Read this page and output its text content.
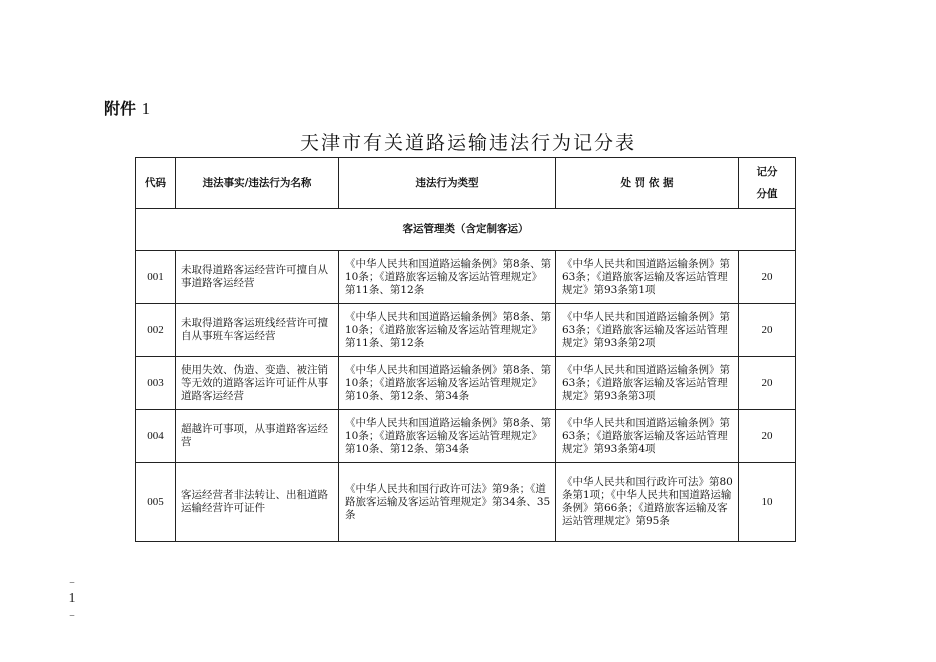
附件 1
天津市有关道路运输违法行为记分表
代码	违法事实/违法行为名称	违法行为类型	处 罚 依 据	记分
分值

客运管理类（含定制客运）				
001	未取得道路客运经营许可擅自从事道路客运经营	《中华人民共和国道路运输条例》第8条、第10条；《道路旅客运输及客运站管理规定》第11条、第12条	《中华人民共和国道路运输条例》第63条；《道路旅客运输及客运站管理规定》第93条第1项	20
002	未取得道路客运班线经营许可擅自从事班车客运经营	《中华人民共和国道路运输条例》第8条、第10条；《道路旅客运输及客运站管理规定》第11条、第12条	《中华人民共和国道路运输条例》第63条；《道路旅客运输及客运站管理规定》第93条第2项	20
003	使用失效、伪造、变造、被注销等无效的道路客运许可证件从事道路客运经营	《中华人民共和国道路运输条例》第8条、第10条；《道路旅客运输及客运站管理规定》第10条、第12条、第34条	《中华人民共和国道路运输条例》第63条；《道路旅客运输及客运站管理规定》第93条第3项	20
004	超越许可事项，从事道路客运经营	《中华人民共和国道路运输条例》第8条、第10条；《道路旅客运输及客运站管理规定》第10条、第12条、第34条	《中华人民共和国道路运输条例》第63条；《道路旅客运输及客运站管理规定》第93条第4项	20
005	客运经营者非法转让、出租道路运输经营许可证件	《中华人民共和国行政许可法》第9条；《道路旅客运输及客运站管理规定》第34条、35条	《中华人民共和国行政许可法》第80条第1项；《中华人民共和国道路运输条例》第66条；《道路旅客运输及客运站管理规定》第95条	10
–
1
–
